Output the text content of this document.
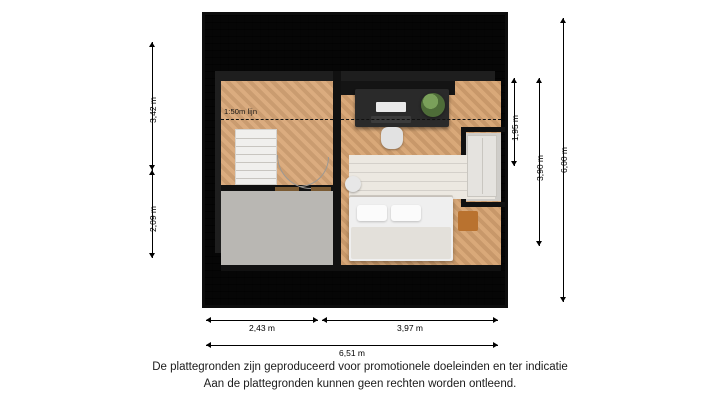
1:50m lijn
3,42 m
2,09 m
1,95 m
3,90 m 6,00 m
2,43 m	3,97 m
6,51 m
De plattegronden zijn geproduceerd voor promotionele doeleinden en ter indicatie
Aan de plattegronden kunnen geen rechten worden ontleend.
